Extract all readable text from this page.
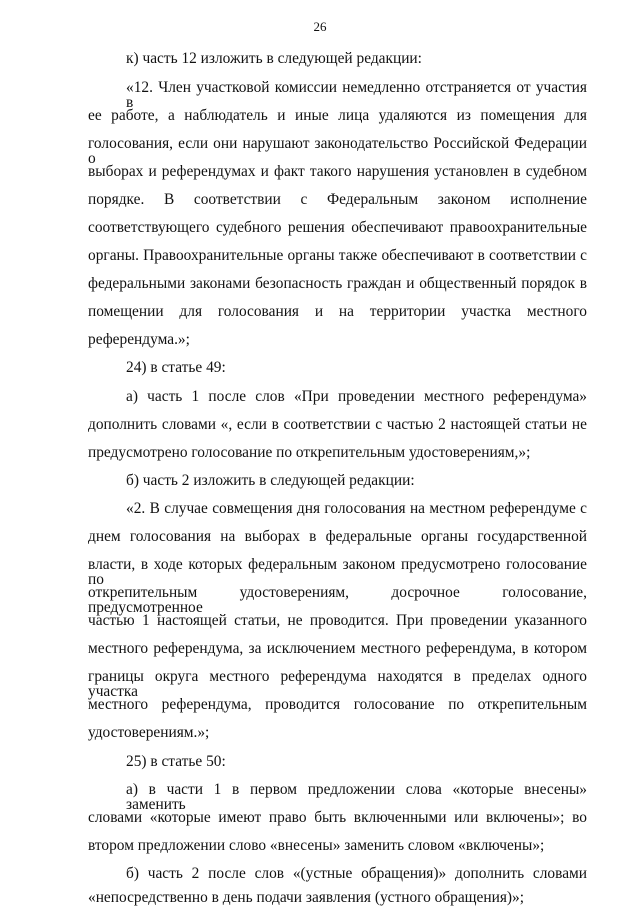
26
к) часть 12 изложить в следующей редакции:
«12. Член участковой комиссии немедленно отстраняется от участия в
ее работе, а наблюдатель и иные лица удаляются из помещения для
голосования, если они нарушают законодательство Российской Федерации о
выборах и референдумах и факт такого нарушения установлен в судебном
порядке. В соответствии с Федеральным законом исполнение
соответствующего судебного решения обеспечивают правоохранительные
органы. Правоохранительные органы также обеспечивают в соответствии с
федеральными законами безопасность граждан и общественный порядок в
помещении для голосования и на территории участка местного
референдума.»;
24) в статье 49:
а) часть 1 после слов «При проведении местного референдума»
дополнить словами «, если в соответствии с частью 2 настоящей статьи не
предусмотрено голосование по открепительным удостоверениям,»;
б) часть 2 изложить в следующей редакции:
«2. В случае совмещения дня голосования на местном референдуме с
днем голосования на выборах в федеральные органы государственной
власти, в ходе которых федеральным законом предусмотрено голосование по
открепительным удостоверениям, досрочное голосование, предусмотренное
частью 1 настоящей статьи, не проводится. При проведении указанного
местного референдума, за исключением местного референдума, в котором
границы округа местного референдума находятся в пределах одного участка
местного референдума, проводится голосование по открепительным
удостоверениям.»;
25) в статье 50:
а) в части 1 в первом предложении слова «которые внесены» заменить
словами «которые имеют право быть включенными или включены»; во
втором предложении слово «внесены» заменить словом «включены»;
б) часть 2 после слов «(устные обращения)» дополнить словами
«непосредственно в день подачи заявления (устного обращения)»;
